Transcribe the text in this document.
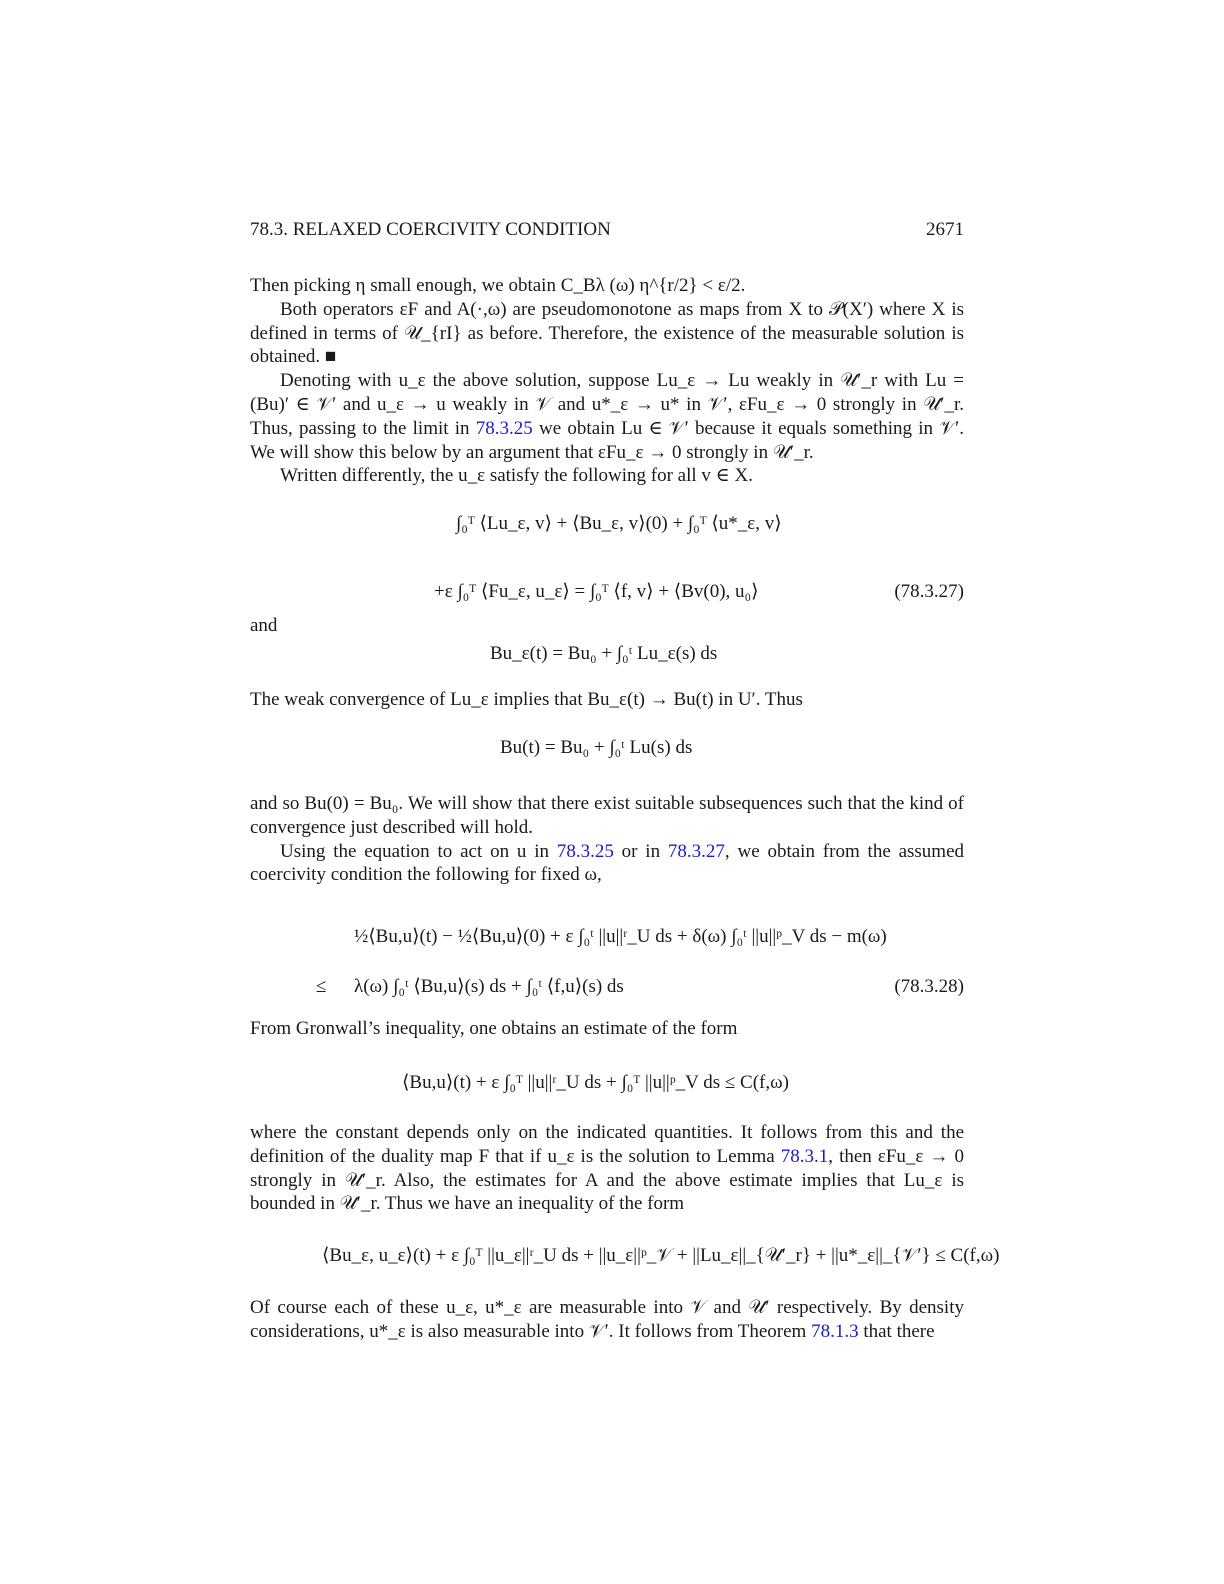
78.3. RELAXED COERCIVITY CONDITION	2671

Then picking η small enough, we obtain C_Bλ (ω) η^{r/2} < ε/2.

Both operators εF and A(·,ω) are pseudomonotone as maps from X to 𝒫(X′) where X is defined in terms of 𝒰_{rI} as before. Therefore, the existence of the measurable solution is obtained. ■

Denoting with u_ε the above solution, suppose Lu_ε → Lu weakly in 𝒰′_r with Lu = (Bu)′ ∈ 𝒱′ and u_ε → u weakly in 𝒱 and u*_ε → u* in 𝒱′, εFu_ε → 0 strongly in 𝒰′_r. Thus, passing to the limit in 78.3.25 we obtain Lu ∈ 𝒱′ because it equals something in 𝒱′. We will show this below by an argument that εFu_ε → 0 strongly in 𝒰′_r.

Written differently, the u_ε satisfy the following for all v ∈ X.

∫₀ᵀ ⟨Lu_ε, v⟩ + ⟨Bu_ε, v⟩(0) + ∫₀ᵀ ⟨u*_ε, v⟩
+ε ∫₀ᵀ ⟨Fu_ε, u_ε⟩ = ∫₀ᵀ ⟨f, v⟩ + ⟨Bv(0), u₀⟩	(78.3.27)
and
Bu_ε(t) = Bu₀ + ∫₀ᵗ Lu_ε(s) ds

The weak convergence of Lu_ε implies that Bu_ε(t) → Bu(t) in U′. Thus

Bu(t) = Bu₀ + ∫₀ᵗ Lu(s) ds

and so Bu(0) = Bu₀. We will show that there exist suitable subsequences such that the kind of convergence just described will hold.

Using the equation to act on u in 78.3.25 or in 78.3.27, we obtain from the assumed coercivity condition the following for fixed ω,

½⟨Bu,u⟩(t) − ½⟨Bu,u⟩(0) + ε ∫₀ᵗ ||u||ʳ_U ds + δ(ω) ∫₀ᵗ ||u||ᵖ_V ds − m(ω)
≤ λ(ω) ∫₀ᵗ ⟨Bu,u⟩(s) ds + ∫₀ᵗ ⟨f,u⟩(s) ds	(78.3.28)

From Gronwall’s inequality, one obtains an estimate of the form

⟨Bu,u⟩(t) + ε ∫₀ᵀ ||u||ʳ_U ds + ∫₀ᵀ ||u||ᵖ_V ds ≤ C(f,ω)

where the constant depends only on the indicated quantities. It follows from this and the definition of the duality map F that if u_ε is the solution to Lemma 78.3.1, then εFu_ε → 0 strongly in 𝒰′_r. Also, the estimates for A and the above estimate implies that Lu_ε is bounded in 𝒰′_r. Thus we have an inequality of the form

⟨Bu_ε, u_ε⟩(t) + ε ∫₀ᵀ ||u_ε||ʳ_U ds + ||u_ε||ᵖ_𝒱 + ||Lu_ε||_{𝒰′_r} + ||u*_ε||_{𝒱′} ≤ C(f,ω)

Of course each of these u_ε, u*_ε are measurable into 𝒱 and 𝒰′ respectively. By density considerations, u*_ε is also measurable into 𝒱′. It follows from Theorem 78.1.3 that there
